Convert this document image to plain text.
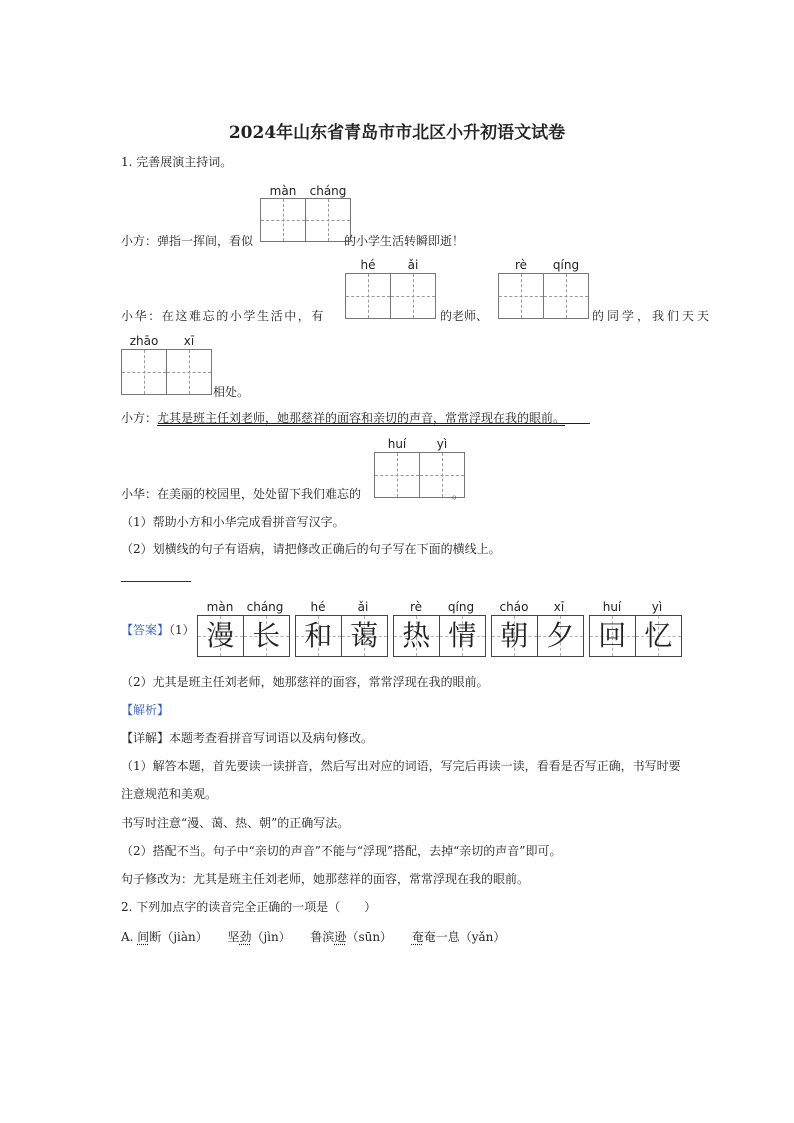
2024年山东省青岛市市北区小升初语文试卷
1. 完善展演主持词。
màn	cháng
小方：弹指一挥间，看似	的小学生活转瞬即逝！
hé	ǎi	rè	qíng
小华：在这难忘的小学生活中，有	的老师、	的同学，我们天天
zhāo	xī
相处。
小方：尤其是班主任刘老师，她那慈祥的面容和亲切的声音，常常浮现在我的眼前。
huí	yì
小华：在美丽的校园里，处处留下我们难忘的	。
（1）帮助小方和小华完成看拼音写汉字。
（2）划横线的句子有语病，请把修改正确后的句子写在下面的横线上。
【答案】（1）
màn	cháng
漫 长
hé	ǎi
和 蔼
rè	qíng
热 情
cháo	xī
朝 夕
huí	yì
回 忆
（2）尤其是班主任刘老师，她那慈祥的面容，常常浮现在我的眼前。
【解析】
【详解】本题考查看拼音写词语以及病句修改。
（1）解答本题，首先要读一读拼音，然后写出对应的词语，写完后再读一读，看看是否写正确，书写时要
注意规范和美观。
书写时注意“漫、蔼、热、朝”的正确写法。
（2）搭配不当。句子中“亲切的声音”不能与“浮现”搭配，去掉“亲切的声音”即可。
句子修改为：尤其是班主任刘老师，她那慈祥的面容，常常浮现在我的眼前。
2. 下列加点字的读音完全正确的一项是（　　）
A. 间断（jiàn） 坚劲（jìn） 鲁滨逊（sūn） 奄奄一息（yǎn）
